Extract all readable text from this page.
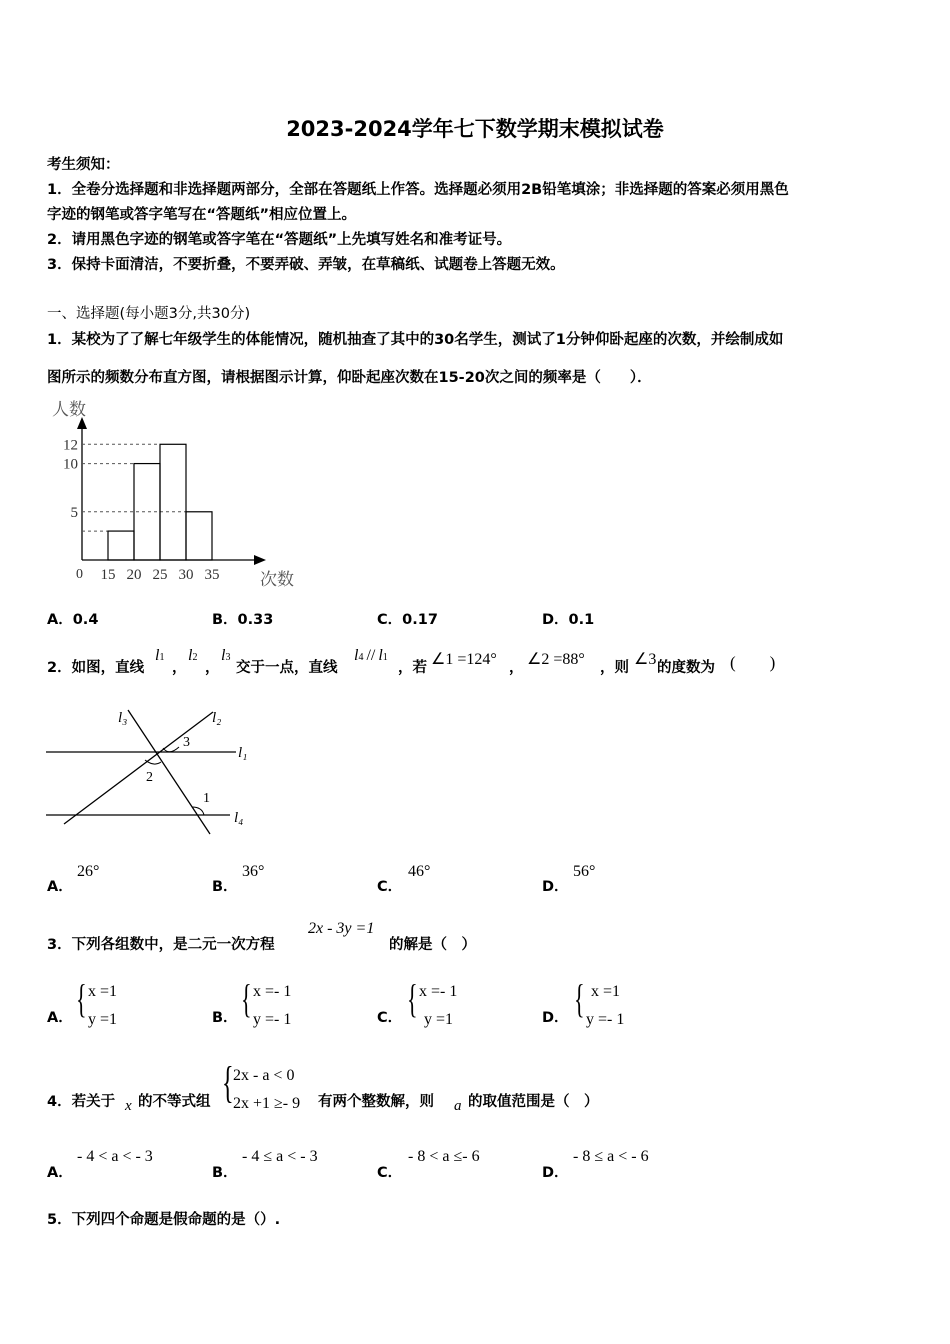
2023-2024学年七下数学期末模拟试卷
考生须知：
1．全卷分选择题和非选择题两部分，全部在答题纸上作答。选择题必须用2B铅笔填涂；非选择题的答案必须用黑色
字迹的钢笔或答字笔写在“答题纸”相应位置上。
2．请用黑色字迹的钢笔或答字笔在“答题纸”上先填写姓名和准考证号。
3．保持卡面清洁，不要折叠，不要弄破、弄皱，在草稿纸、试题卷上答题无效。
一、选择题(每小题3分,共30分)
1．某校为了了解七年级学生的体能情况，随机抽查了其中的30名学生，测试了1分钟仰卧起座的次数，并绘制成如
图所示的频数分布直方图，请根据图示计算，仰卧起座次数在15-20次之间的频率是（　　）．
12
10
5
15 20 25 30 35
人数
次数
0
A．0.4	B．0.33	C．0.17	D．0.1
2．如图，直线
l1
，
l2
，
l3
交于一点，直线
l4 // l1
，若 ∠1 =124° ， ∠2 =88° ，则 ∠3 的度数为 (　　)
l₃	l₂
l₁
l₄
3
2
1
A．
26°
B．
36°
C．
46°
D．
56°
3．下列各组数中，是二元一次方程
2x - 3y =1
的解是（　）
A． { x =1
y =1	B． { x =- 1
y =- 1	C． { x =- 1
y =1	D． { x =1
y =- 1
4．若关于 x 的不等式组 { 2x - a < 0
2x +1 ≥- 9 有两个整数解，则 a 的取值范围是（　）
A．
- 4 < a < - 3
B．
- 4 ≤ a < - 3
C．
- 8 < a ≤- 6
D．
- 8 ≤ a < - 6
5．下列四个命题是假命题的是（）.
